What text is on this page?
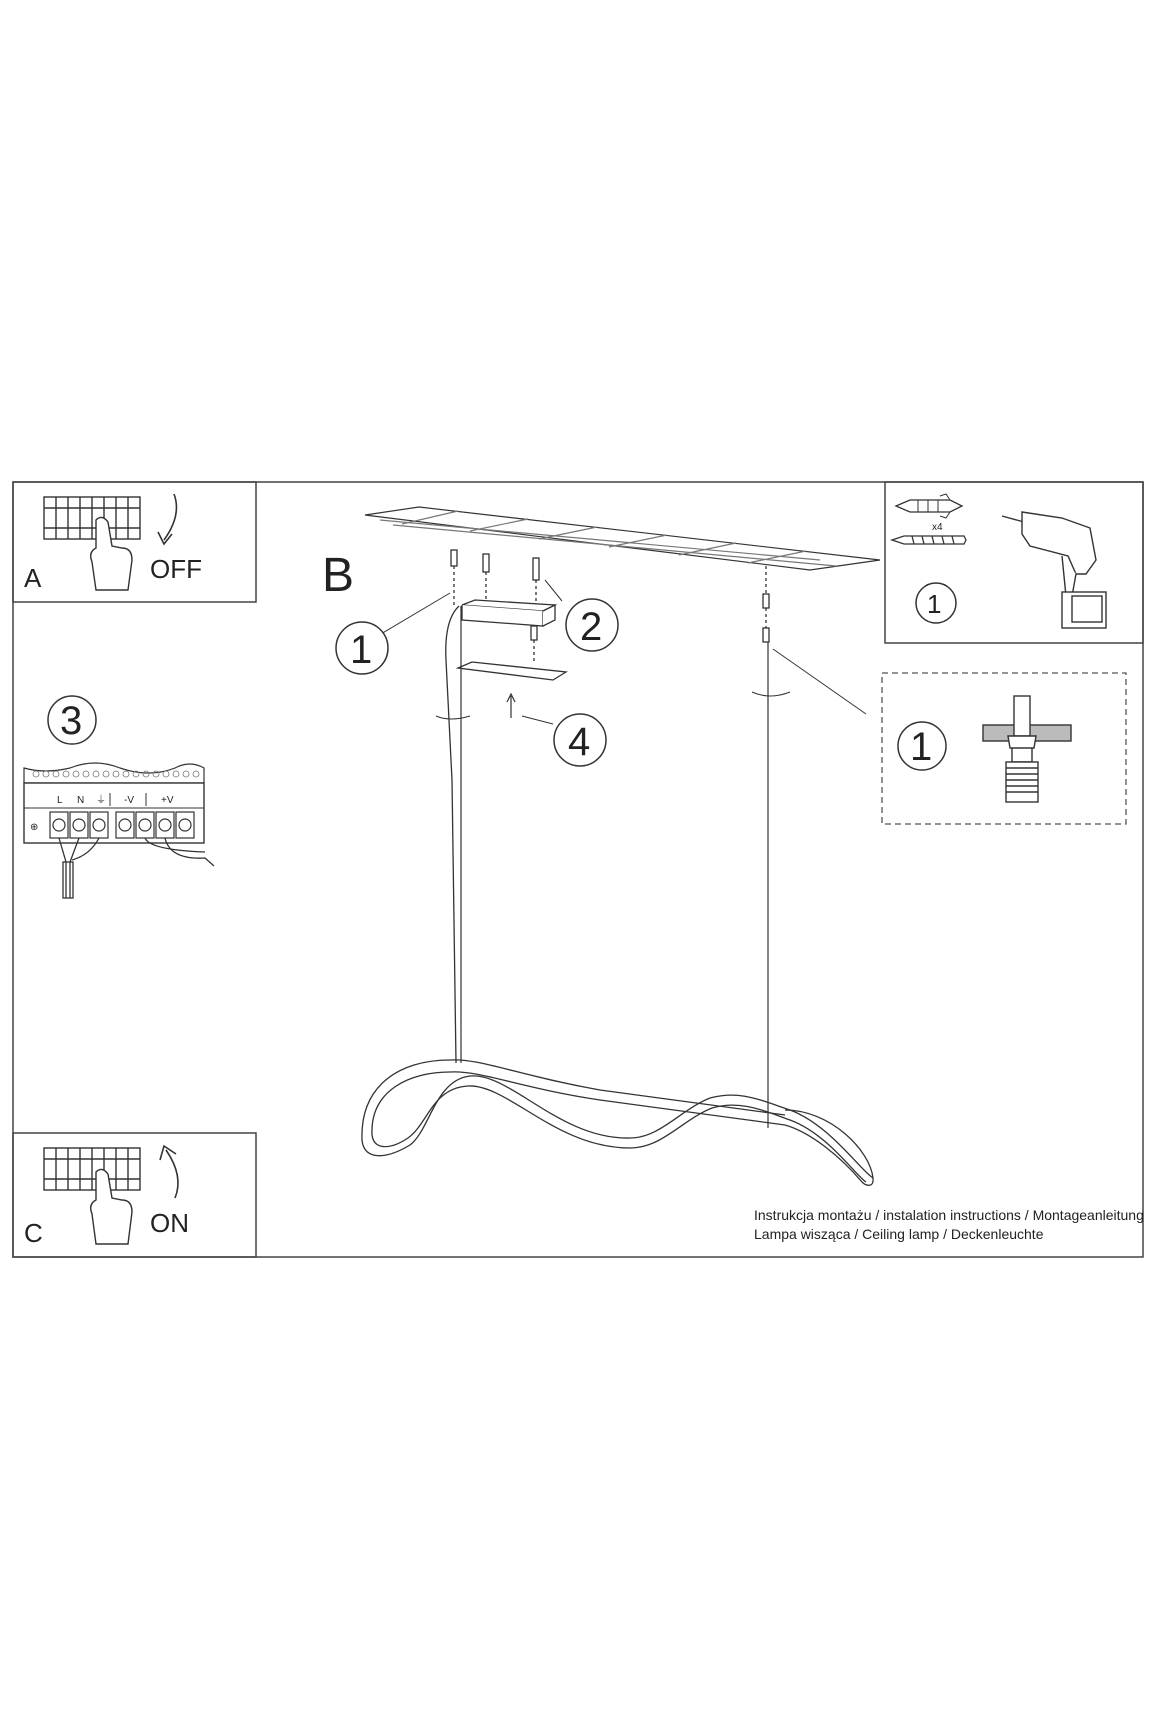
A	OFF
3
L N ⏚ -V	+V
⊕
C	ON
x4
1
1
B
1
2
4
Instrukcja montażu / instalation instructions / Montageanleitung
Lampa wisząca / Ceiling lamp / Deckenleuchte
